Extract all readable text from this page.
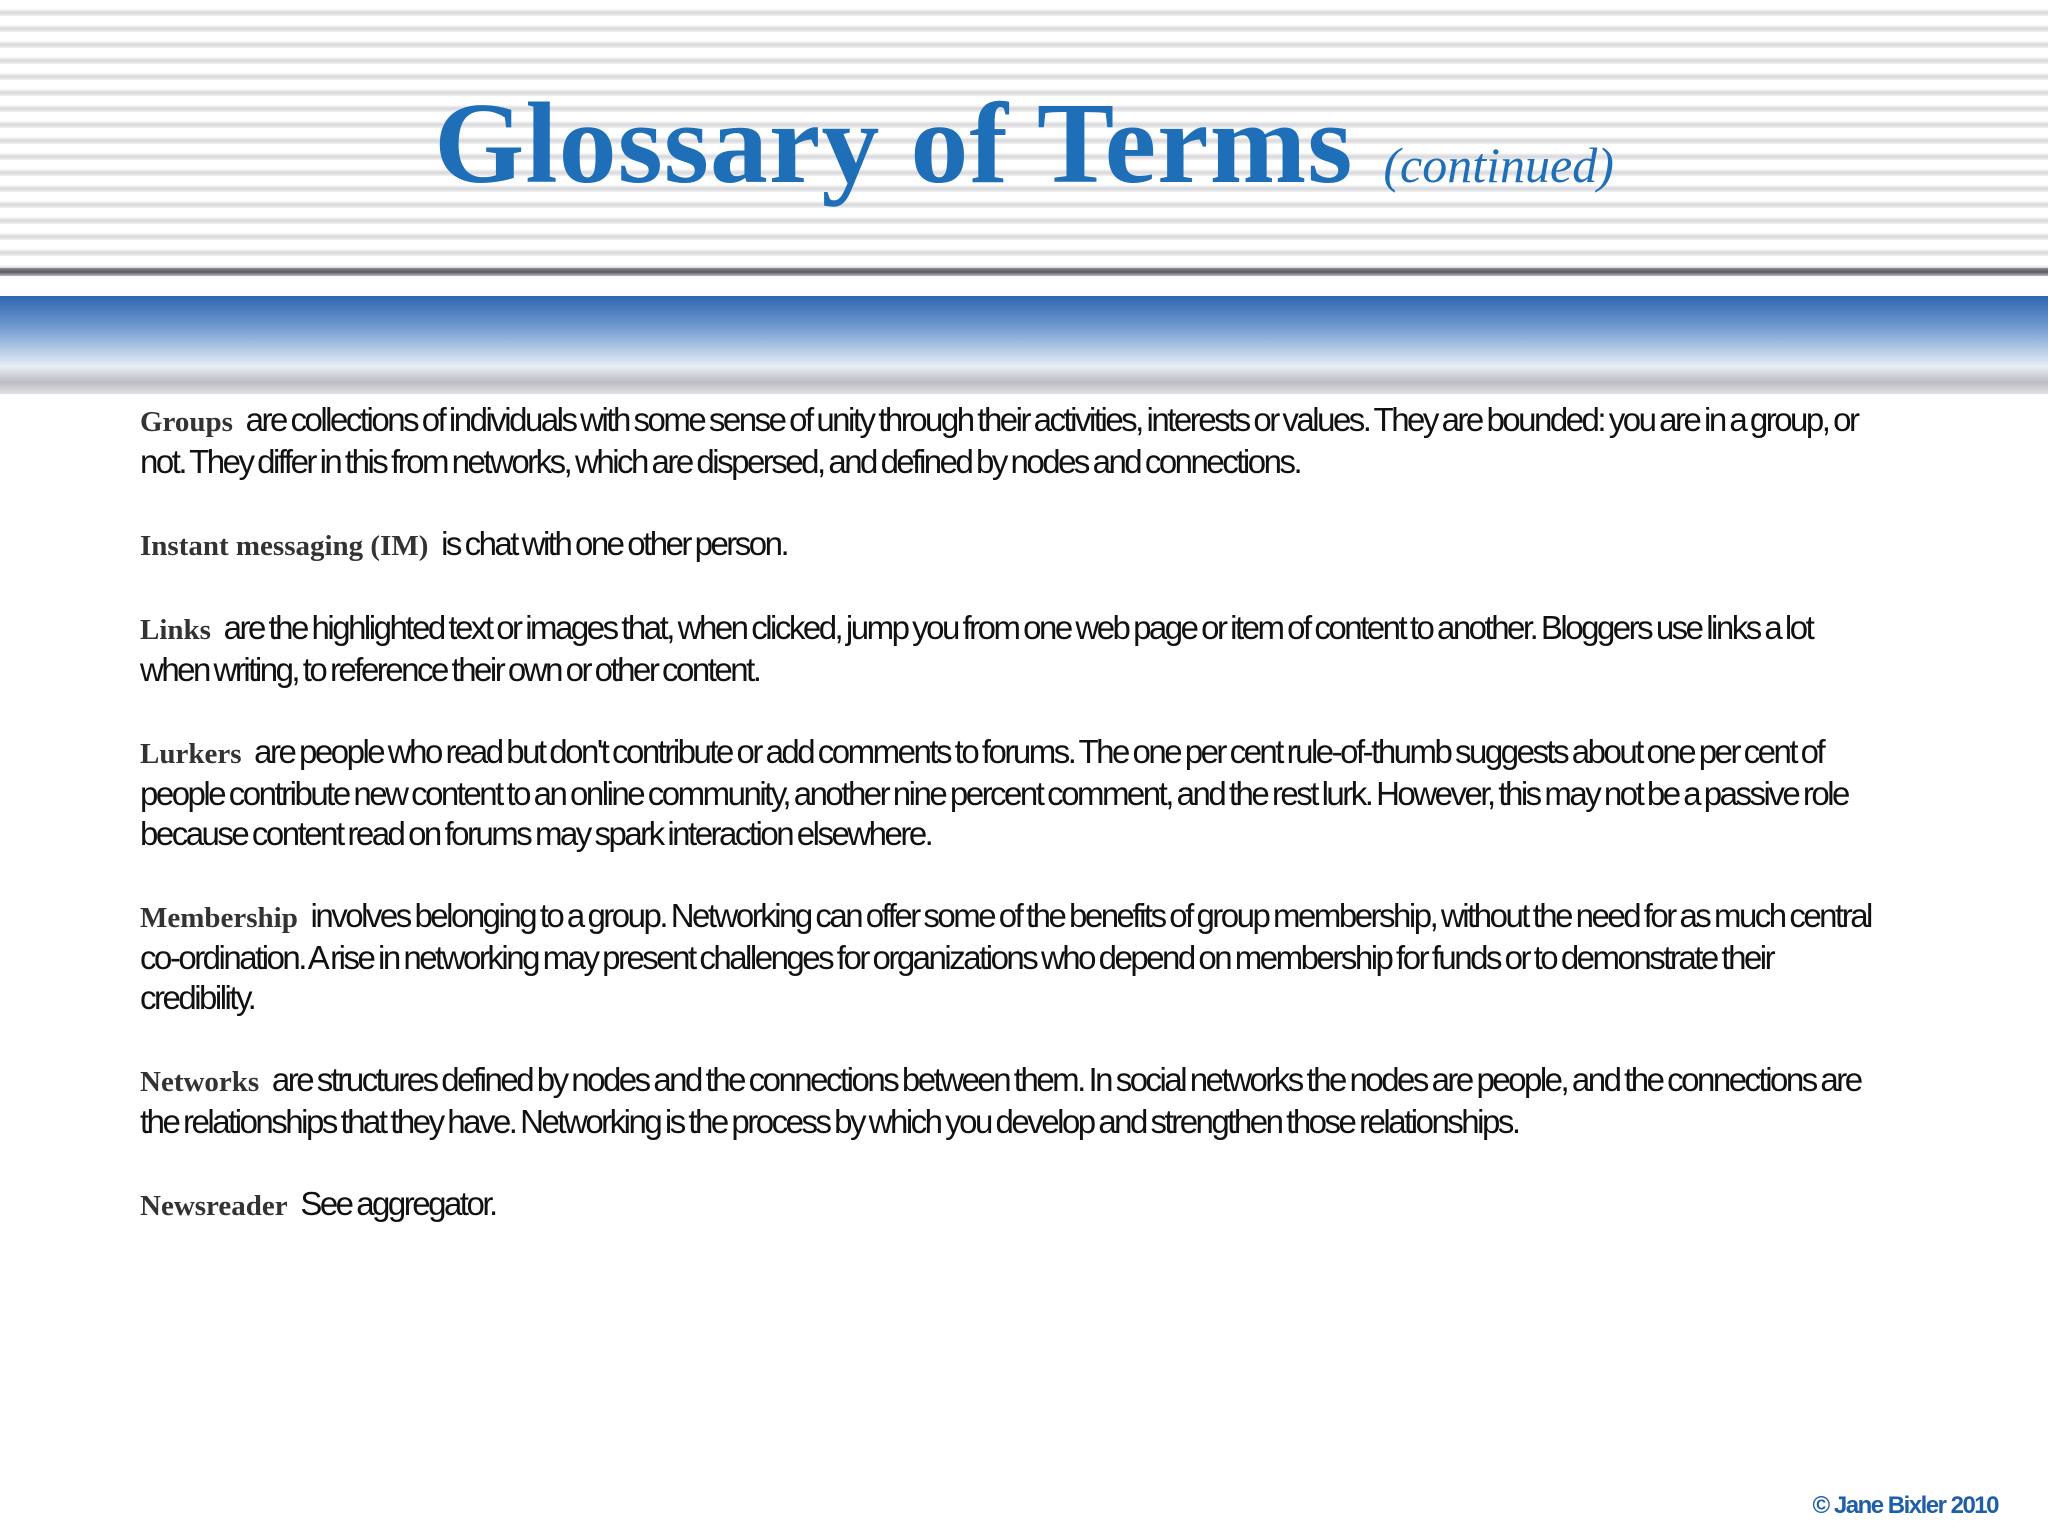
Glossary of Terms (continued)
Groups are collections of individuals with some sense of unity through their activities, interests or values. They are bounded: you are in a group, or not. They differ in this from networks, which are dispersed, and defined by nodes and connections.
Instant messaging (IM) is chat with one other person.
Links are the highlighted text or images that, when clicked, jump you from one web page or item of content to another. Bloggers use links a lot when writing, to reference their own or other content.
Lurkers are people who read but don't contribute or add comments to forums. The one per cent rule-of-thumb suggests about one per cent of people contribute new content to an online community, another nine percent comment, and the rest lurk. However, this may not be a passive role because content read on forums may spark interaction elsewhere.
Membership involves belonging to a group. Networking can offer some of the benefits of group membership, without the need for as much central co-ordination. A rise in networking may present challenges for organizations who depend on membership for funds or to demonstrate their credibility.
Networks are structures defined by nodes and the connections between them. In social networks the nodes are people, and the connections are the relationships that they have. Networking is the process by which you develop and strengthen those relationships.
Newsreader See aggregator.
© Jane Bixler 2010
